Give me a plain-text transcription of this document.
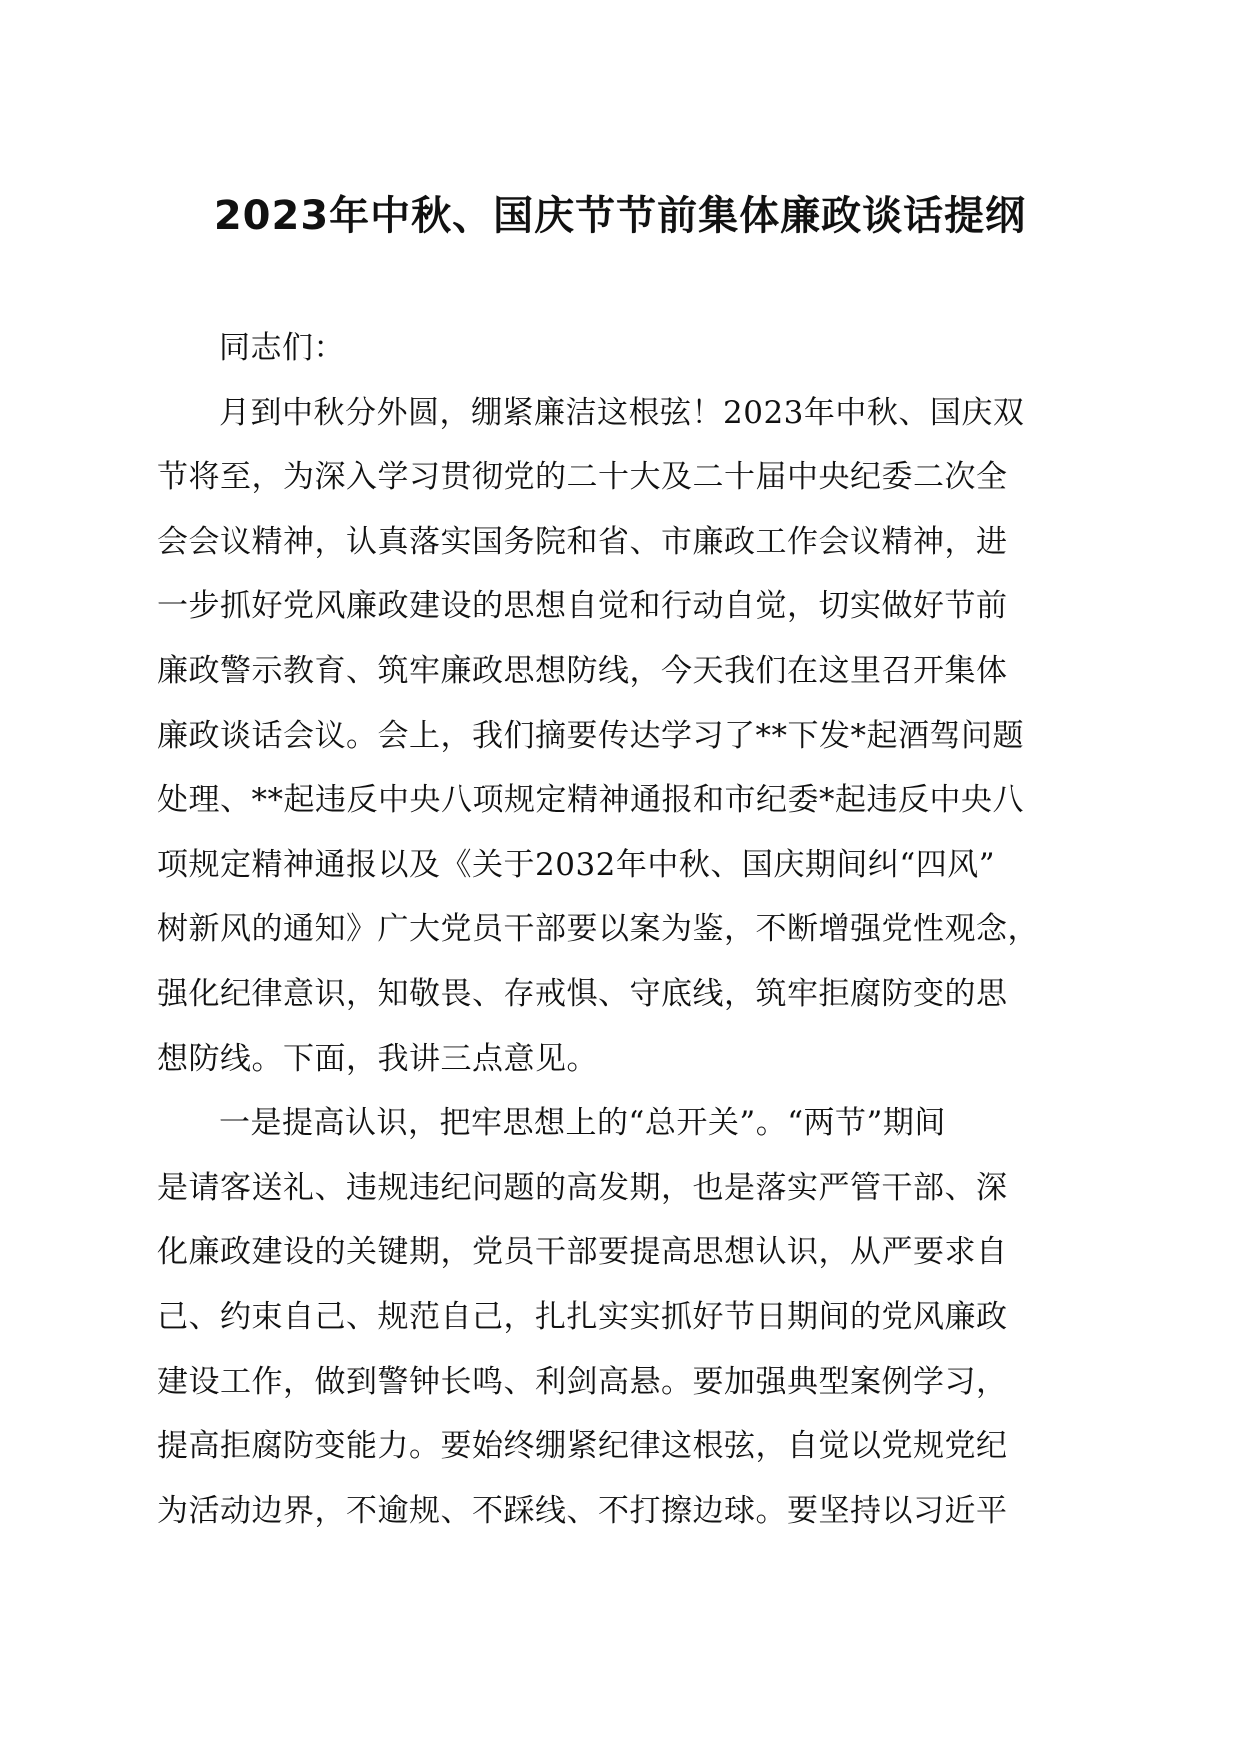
2023年中秋、国庆节节前集体廉政谈话提纲

同志们：

月到中秋分外圆，绷紧廉洁这根弦！2023年中秋、国庆双
节将至，为深入学习贯彻党的二十大及二十届中央纪委二次全
会会议精神，认真落实国务院和省、市廉政工作会议精神，进
一步抓好党风廉政建设的思想自觉和行动自觉，切实做好节前
廉政警示教育、筑牢廉政思想防线，今天我们在这里召开集体
廉政谈话会议。会上，我们摘要传达学习了**下发*起酒驾问题
处理、**起违反中央八项规定精神通报和市纪委*起违反中央八
项规定精神通报以及《关于2032年中秋、国庆期间纠“四风”
树新风的通知》广大党员干部要以案为鉴，不断增强党性观念，
强化纪律意识，知敬畏、存戒惧、守底线，筑牢拒腐防变的思
想防线。下面，我讲三点意见。

一是提高认识，把牢思想上的“总开关”。“两节”期间
是请客送礼、违规违纪问题的高发期，也是落实严管干部、深
化廉政建设的关键期，党员干部要提高思想认识，从严要求自
己、约束自己、规范自己，扎扎实实抓好节日期间的党风廉政
建设工作，做到警钟长鸣、利剑高悬。要加强典型案例学习，
提高拒腐防变能力。要始终绷紧纪律这根弦，自觉以党规党纪
为活动边界，不逾规、不踩线、不打擦边球。要坚持以习近平
